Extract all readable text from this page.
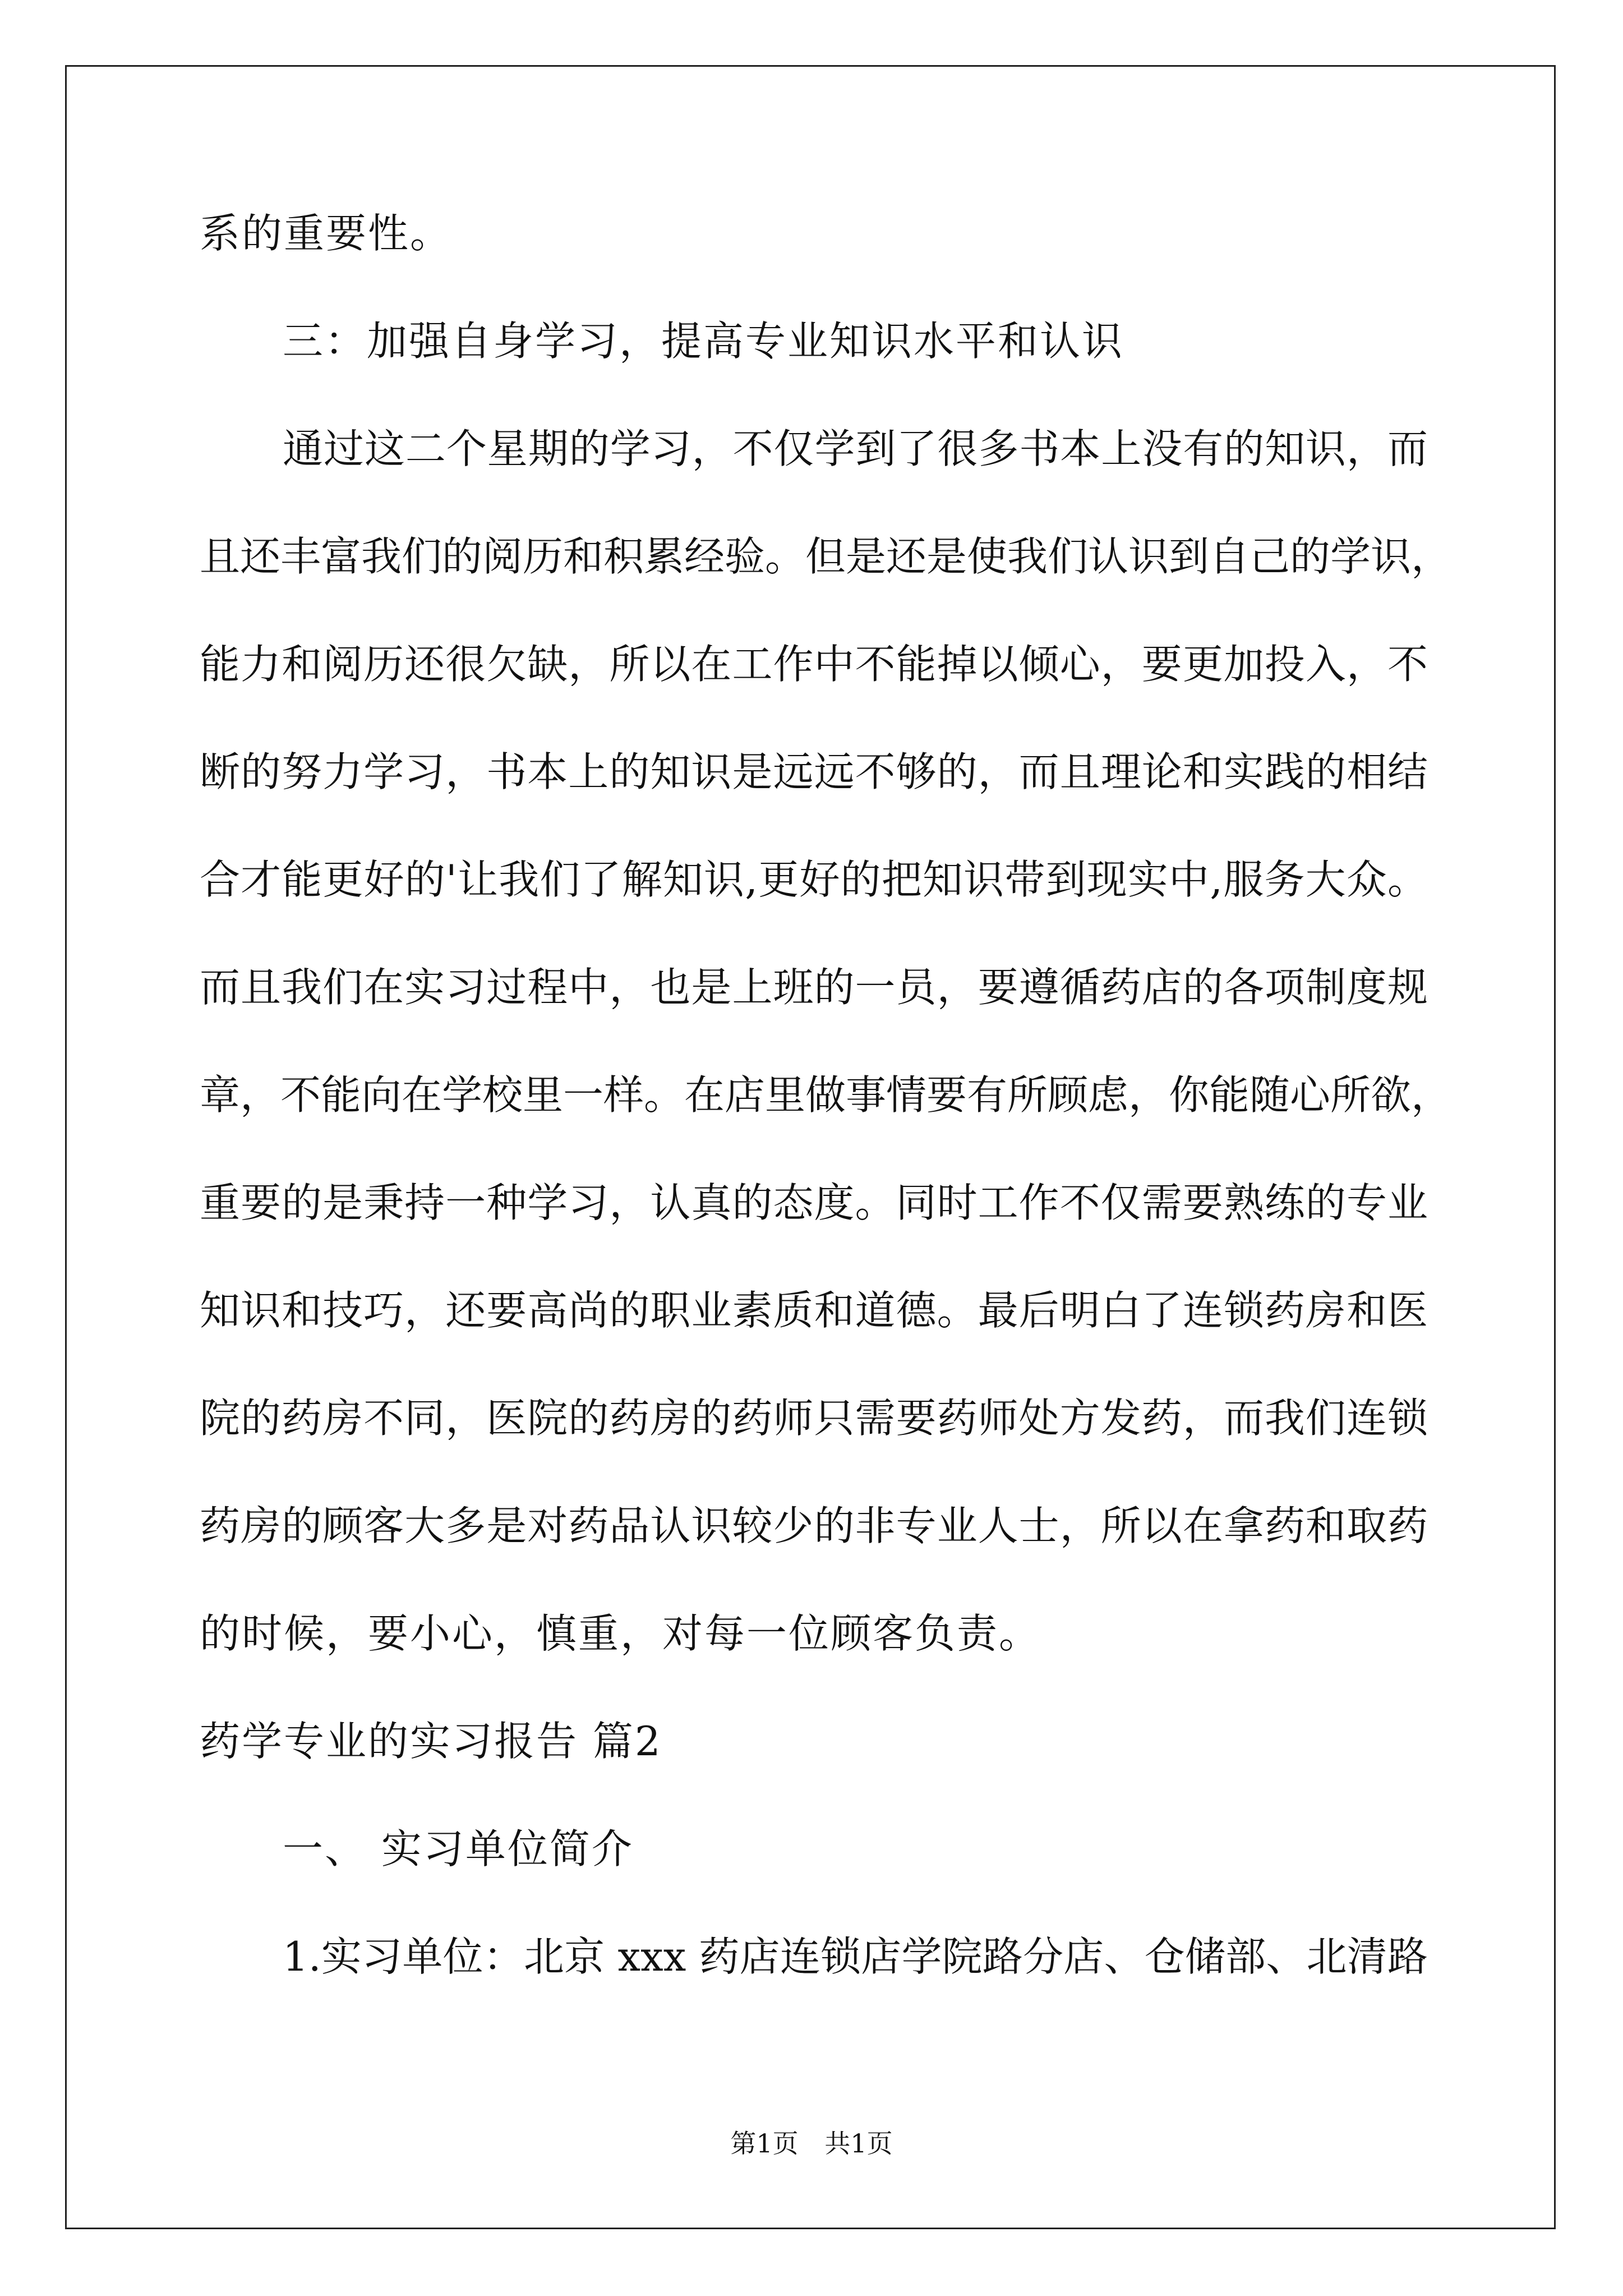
系的重要性。
三：加强自身学习，提高专业知识水平和认识
通过这二个星期的学习，不仅学到了很多书本上没有的知识，而
且还丰富我们的阅历和积累经验。但是还是使我们认识到自己的学识，
能力和阅历还很欠缺，所以在工作中不能掉以倾心，要更加投入，不
断的努力学习，书本上的知识是远远不够的，而且理论和实践的相结
合才能更好的'让我们了解知识,更好的把知识带到现实中,服务大众。
而且我们在实习过程中，也是上班的一员，要遵循药店的各项制度规
章，不能向在学校里一样。在店里做事情要有所顾虑，你能随心所欲，
重要的是秉持一种学习，认真的态度。同时工作不仅需要熟练的专业
知识和技巧，还要高尚的职业素质和道德。最后明白了连锁药房和医
院的药房不同，医院的药房的药师只需要药师处方发药，而我们连锁
药房的顾客大多是对药品认识较少的非专业人士，所以在拿药和取药
的时候，要小心，慎重，对每一位顾客负责。
药学专业的实习报告 篇2
一、 实习单位简介
1.实习单位：北京 xxx 药店连锁店学院路分店、仓储部、北清路
第1页 共1页
